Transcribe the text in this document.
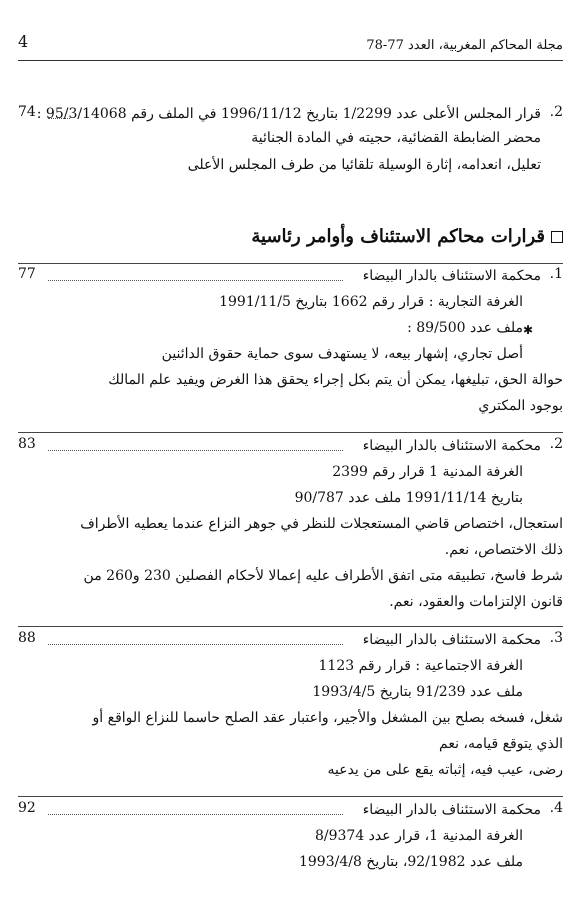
مجلة المحاكم المغربية، العدد 77-78
4
2.
قرار المجلس الأعلى عدد 1/2299 بتاريخ 1996/11/12 في الملف رقم 95/3/14068 :
74
محضر الضابطة القضائية، حجيته في المادة الجنائية
تعليل، انعدامه، إثارة الوسيلة تلقائيا من طرف المجلس الأعلى
قرارات محاكم الاستئناف وأوامر رئاسية
1.
محكمة الاستئناف بالدار البيضاء
77
الغرفة التجارية : قرار رقم 1662 بتاريخ 1991/11/5
ملف عدد 89/500 : ✱
أصل تجاري، إشهار بيعه، لا يستهدف سوى حماية حقوق الدائنين
حوالة الحق، تبليغها، يمكن أن يتم بكل إجراء يحقق هذا الغرض ويفيد علم المالك
بوجود المكتري
2.
محكمة الاستئناف بالدار البيضاء
83
الغرفة المدنية 1 قرار رقم 2399
بتاريخ 1991/11/14 ملف عدد 90/787
استعجال، اختصاص قاضي المستعجلات للنظر في جوهر النزاع عندما يعطيه الأطراف
ذلك الاختصاص، نعم.
شرط فاسخ، تطبيقه متى اتفق الأطراف عليه إعمالا لأحكام الفصلين 230 و260 من
قانون الإلتزامات والعقود، نعم.
3.
محكمة الاستئناف بالدار البيضاء
88
الغرفة الاجتماعية : قرار رقم 1123
ملف عدد 91/239 بتاريخ 1993/4/5
شغل، فسخه بصلح بين المشغل والأجير، واعتبار عقد الصلح حاسما للنزاع الواقع أو
الذي يتوقع قيامه، نعم
رضى، عيب فيه، إثباته يقع على من يدعيه
4.
محكمة الاستئناف بالدار البيضاء
92
الغرفة المدنية 1، قرار عدد 8/9374
ملف عدد 92/1982، بتاريخ 1993/4/8
